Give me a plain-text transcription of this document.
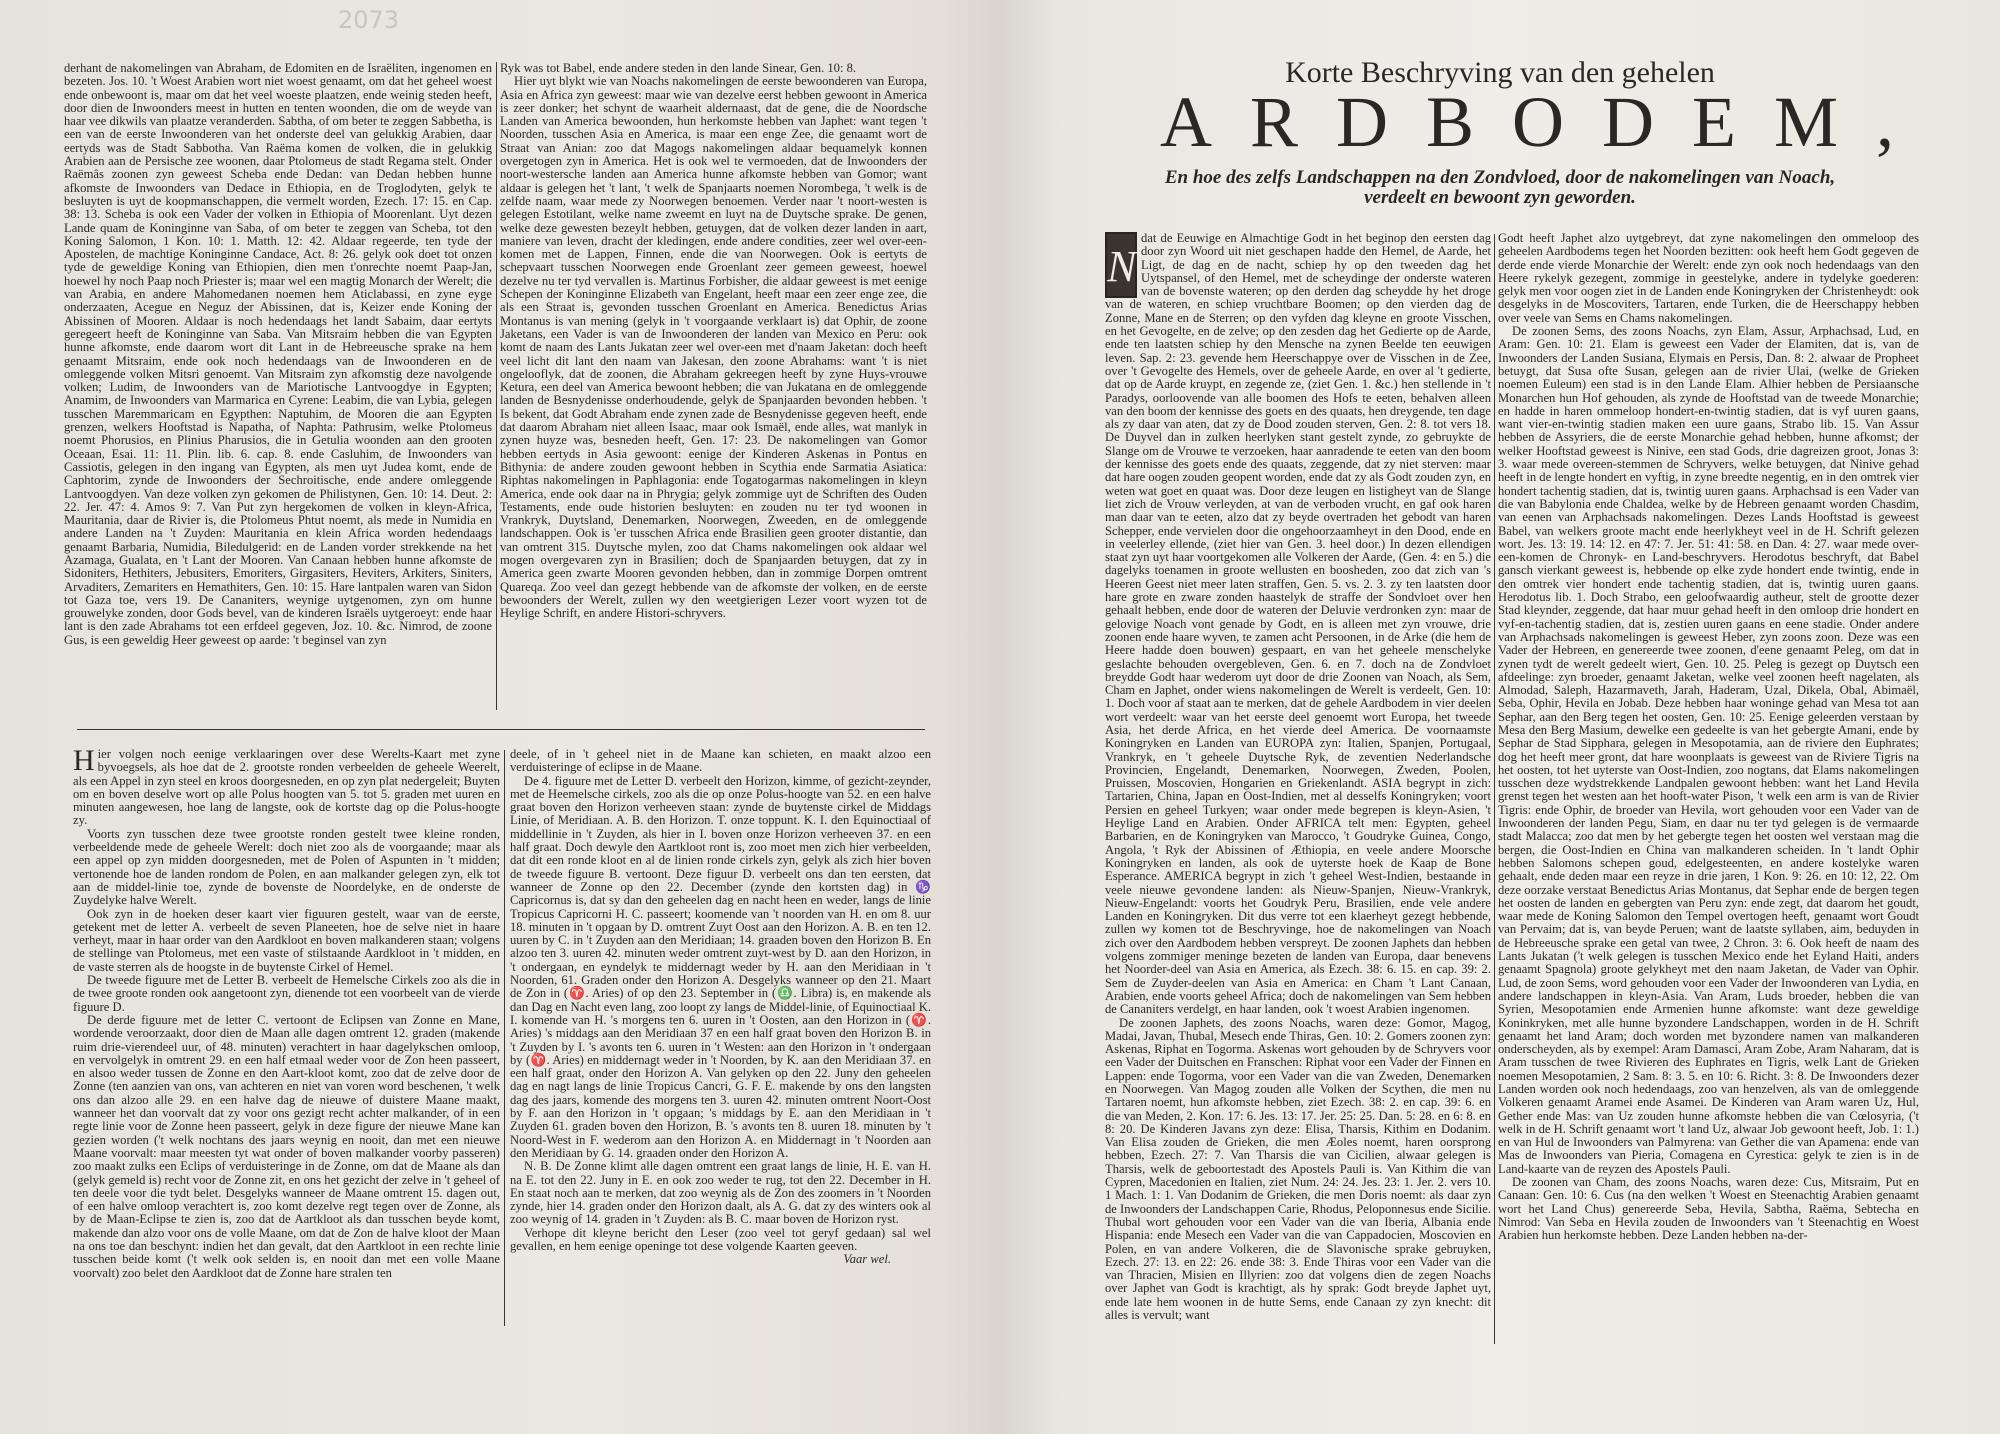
2073

derhant de nakomelingen van Abraham, de Edomiten en de Israëliten, ingenomen en bezeten. Jos. 10. 't Woest Arabien wort niet woest genaamt, om dat het geheel woest ende onbewoont is, maar om dat het veel woeste plaatzen, ende weinig steden heeft, door dien de Inwoonders meest in hutten en tenten woonden, die om de weyde van haar vee dikwils van plaatze veranderden. Sabtha, of om beter te zeggen Sabbetha, is een van de eerste Inwoonderen van het onderste deel van gelukkig Arabien, daar eertyds was de Stadt Sabbotha. Van Raëma komen de volken, die in gelukkig Arabien aan de Persische zee woonen, daar Ptolomeus de stadt Regama stelt. Onder Raëmâs zoonen zyn geweest Scheba ende Dedan: van Dedan hebben hunne afkomste de Inwoonders van Dedace in Ethiopia, en de Troglodyten, gelyk te besluyten is uyt de koopmanschappen, die vermelt worden, Ezech. 17: 15. en Cap. 38: 13. Scheba is ook een Vader der volken in Ethiopia of Moorenlant. Uyt dezen Lande quam de Koninginne van Saba, of om beter te zeggen van Scheba, tot den Koning Salomon, 1 Kon. 10: 1. Matth. 12: 42. Aldaar regeerde, ten tyde der Apostelen, de machtige Koninginne Candace, Act. 8: 26. gelyk ook doet tot onzen tyde de geweldige Koning van Ethiopien, dien men t'onrechte noemt Paap-Jan, hoewel hy noch Paap noch Priester is; maar wel een magtig Monarch der Werelt; die van Arabia, en andere Mahomedanen noemen hem Aticlabassi, en zyne eyge onderzaaten, Acegue en Neguz der Abissinen, dat is, Keizer ende Koning der Abissinen of Mooren. Aldaar is noch hedendaags het landt Sabaim, daar eertyts geregeert heeft de Koninginne van Saba. Van Mitsraim hebben die van Egypten hunne afkomste, ende daarom wort dit Lant in de Hebreeusche sprake na hem genaamt Mitsraim, ende ook noch hedendaags van de Inwoonderen en de omleggende volken Mitsri genoemt. Van Mitsraim zyn afkomstig deze navolgende volken; Ludim, de Inwoonders van de Mariotische Lantvoogdye in Egypten; Anamim, de Inwoonders van Marmarica en Cyrene: Leabim, die van Lybia, gelegen tusschen Maremmaricam en Egypthen: Naptuhim, de Mooren die aan Egypten grenzen, welkers Hooftstad is Napatha, of Naphta: Pathrusim, welke Ptolomeus noemt Phorusios, en Plinius Pharusios, die in Getulia woonden aan den grooten Oceaan, Esai. 11: 11. Plin. lib. 6. cap. 8. ende Casluhim, de Inwoonders van Cassiotis, gelegen in den ingang van Egypten, als men uyt Judea komt, ende de Caphtorim, zynde de Inwoonders der Sechroitische, ende andere omleggende Lantvoogdyen. Van deze volken zyn gekomen de Philistynen, Gen. 10: 14. Deut. 2: 22. Jer. 47: 4. Amos 9: 7. Van Put zyn hergekomen de volken in kleyn-Africa, Mauritania, daar de Rivier is, die Ptolomeus Phtut noemt, als mede in Numidia en andere Landen na 't Zuyden: Mauritania en klein Africa worden hedendaags genaamt Barbaria, Numidia, Biledulgerid: en de Landen vorder strekkende na het Azamaga, Gualata, en 't Lant der Mooren. Van Canaan hebben hunne afkomste de Sidoniters, Hethiters, Jebusiters, Emoriters, Girgasiters, Heviters, Arkiters, Siniters, Arvaditers, Zemariters en Hemathiters, Gen. 10: 15. Hare lantpalen waren van Sidon tot Gaza toe, vers 19. De Cananiters, weynige uytgenomen, zyn om hunne grouwelyke zonden, door Gods bevel, van de kinderen Israëls uytgeroeyt: ende haar lant is den zade Abrahams tot een erfdeel gegeven, Joz. 10. &c. Nimrod, de zoone Gus, is een geweldig Heer geweest op aarde: 't beginsel van zyn

Ryk was tot Babel, ende andere steden in den lande Sinear, Gen. 10: 8.

Hier uyt blykt wie van Noachs nakomelingen de eerste bewoonderen van Europa, Asia en Africa zyn geweest: maar wie van dezelve eerst hebben gewoont in America is zeer donker; het schynt de waarheit aldernaast, dat de gene, die de Noordsche Landen van America bewoonden, hun herkomste hebben van Japhet: want tegen 't Noorden, tusschen Asia en America, is maar een enge Zee, die genaamt wort de Straat van Anian: zoo dat Magogs nakomelingen aldaar bequamelyk konnen overgetogen zyn in America. Het is ook wel te vermoeden, dat de Inwoonders der noort-westersche landen aan America hunne afkomste hebben van Gomor; want aldaar is gelegen het 't lant, 't welk de Spanjaarts noemen Norombega, 't welk is de zelfde naam, waar mede zy Noorwegen benoemen. Verder naar 't noort-westen is gelegen Estotilant, welke name zweemt en luyt na de Duytsche sprake. De genen, welke deze gewesten bezeylt hebben, getuygen, dat de volken dezer landen in aart, maniere van leven, dracht der kledingen, ende andere condities, zeer wel over-een-komen met de Lappen, Finnen, ende die van Noorwegen. Ook is eertyts de schepvaart tusschen Noorwegen ende Groenlant zeer gemeen geweest, hoewel dezelve nu ter tyd vervallen is. Martinus Forbisher, die aldaar geweest is met eenige Schepen der Koninginne Elizabeth van Engelant, heeft maar een zeer enge zee, die als een Straat is, gevonden tusschen Groenlant en America. Benedictus Arias Montanus is van mening (gelyk in 't voorgaande verklaart is) dat Ophir, de zoone Jaketans, een Vader is van de Inwoonderen der landen van Mexico en Peru: ook komt de naam des Lants Jukatan zeer wel over-een met d'naam Jaketan: doch heeft veel licht dit lant den naam van Jakesan, den zoone Abrahams: want 't is niet ongelooflyk, dat de zoonen, die Abraham gekreegen heeft by zyne Huys-vrouwe Ketura, een deel van America bewoont hebben; die van Jukatana en de omleggende landen de Besnydenisse onderhoudende, gelyk de Spanjaarden bevonden hebben. 't Is bekent, dat Godt Abraham ende zynen zade de Besnydenisse gegeven heeft, ende dat daarom Abraham niet alleen Isaac, maar ook Ismaël, ende alles, wat manlyk in zynen huyze was, besneden heeft, Gen. 17: 23. De nakomelingen van Gomor hebben eertyds in Asia gewoont: eenige der Kinderen Askenas in Pontus en Bithynia: de andere zouden gewoont hebben in Scythia ende Sarmatia Asiatica: Riphtas nakomelingen in Paphlagonia: ende Togatogarmas nakomelingen in kleyn America, ende ook daar na in Phrygia; gelyk zommige uyt de Schriften des Ouden Testaments, ende oude historien besluyten: en zouden nu ter tyd woonen in Vrankryk, Duytsland, Denemarken, Noorwegen, Zweeden, en de omleggende landschappen. Ook is 'er tusschen Africa ende Brasilien geen grooter distantie, dan van omtrent 315. Duytsche mylen, zoo dat Chams nakomelingen ook aldaar wel mogen overgevaren zyn in Brasilien; doch de Spanjaarden betuygen, dat zy in America geen zwarte Mooren gevonden hebben, dan in zommige Dorpen omtrent Quareqa. Zoo veel dan gezegt hebbende van de afkomste der volken, en de eerste bewoonders der Werelt, zullen wy den weetgierigen Lezer voort wyzen tot de Heylige Schrift, en andere Histori-schryvers.

Hier volgen noch eenige verklaaringen over dese Werelts-Kaart met zyne byvoegsels, als hoe dat de 2. grootste ronden verbeelden de geheele Weerelt, als een Appel in zyn steel en kroos doorgesneden, en op zyn plat nedergeleit; Buyten om en boven deselve wort op alle Polus hoogten van 5. tot 5. graden met uuren en minuten aangewesen, hoe lang de langste, ook de kortste dag op die Polus-hoogte zy.

Voorts zyn tusschen deze twee grootste ronden gestelt twee kleine ronden, verbeeldende mede de geheele Werelt: doch niet zoo als de voorgaande; maar als een appel op zyn midden doorgesneden, met de Polen of Aspunten in 't midden; vertonende hoe de landen rondom de Polen, en aan malkander gelegen zyn, elk tot aan de middel-linie toe, zynde de bovenste de Noordelyke, en de onderste de Zuydelyke halve Werelt.

Ook zyn in de hoeken deser kaart vier figuuren gestelt, waar van de eerste, getekent met de letter A. verbeelt de seven Planeeten, hoe de selve niet in haare verheyt, maar in haar order van den Aardkloot en boven malkanderen staan; volgens de stellinge van Ptolomeus, met een vaste of stilstaande Aardkloot in 't midden, en de vaste sterren als de hoogste in de buytenste Cirkel of Hemel.

De tweede figuure met de Letter B. verbeelt de Hemelsche Cirkels zoo als die in de twee groote ronden ook aangetoont zyn, dienende tot een voorbeelt van de vierde figuure D.

De derde figuure met de letter C. vertoont de Eclipsen van Zonne en Mane, wordende veroorzaakt, door dien de Maan alle dagen omtrent 12. graden (makende ruim drie-vierendeel uur, of 48. minuten) verachtert in haar dagelykschen omloop, en vervolgelyk in omtrent 29. en een half etmaal weder voor de Zon heen passeert, en alsoo weder tussen de Zonne en den Aart-kloot komt, zoo dat de zelve door de Zonne (ten aanzien van ons, van achteren en niet van voren word beschenen, 't welk ons dan alzoo alle 29. en een halve dag de nieuwe of duistere Maane maakt, wanneer het dan voorvalt dat zy voor ons gezigt recht achter malkander, of in een regte linie voor de Zonne heen passeert, gelyk in deze figure der nieuwe Mane kan gezien worden ('t welk nochtans des jaars weynig en nooit, dan met een nieuwe Maane voorvalt: maar meesten tyt wat onder of boven malkander voorby passeren) zoo maakt zulks een Eclips of verduisteringe in de Zonne, om dat de Maane als dan (gelyk gemeld is) recht voor de Zonne zit, en ons het gezicht der zelve in 't geheel of ten deele voor die tydt belet. Desgelyks wanneer de Maane omtrent 15. dagen out, of een halve omloop verachtert is, zoo komt dezelve regt tegen over de Zonne, als by de Maan-Eclipse te zien is, zoo dat de Aartkloot als dan tusschen beyde komt, makende dan alzo voor ons de volle Maane, om dat de Zon de halve kloot der Maan na ons toe dan beschynt: indien het dan gevalt, dat den Aartkloot in een rechte linie tusschen beide komt ('t welk ook selden is, en nooit dan met een volle Maane voorvalt) zoo belet den Aardkloot dat de Zonne hare stralen ten

deele, of in 't geheel niet in de Maane kan schieten, en maakt alzoo een verduisteringe of eclipse in de Maane.

De 4. figuure met de Letter D. verbeelt den Horizon, kimme, of gezicht-zeynder, met de Heemelsche cirkels, zoo als die op onze Polus-hoogte van 52. en een halve graat boven den Horizon verheeven staan: zynde de buytenste cirkel de Middags Linie, of Meridiaan. A. B. den Horizon. T. onze toppunt. K. I. den Equinoctiaal of middellinie in 't Zuyden, als hier in I. boven onze Horizon verheeven 37. en een half graat. Doch dewyle den Aartkloot ront is, zoo moet men zich hier verbeelden, dat dit een ronde kloot en al de linien ronde cirkels zyn, gelyk als zich hier boven de tweede figuure B. vertoont. Deze figuur D. verbeelt ons dan ten eersten, dat wanneer de Zonne op den 22. December (zynde den kortsten dag) in ♑ Capricornus is, dat sy dan den geheelen dag en nacht heen en weder, langs de linie Tropicus Capricorni H. C. passeert; koomende van 't noorden van H. en om 8. uur 18. minuten in 't opgaan by D. omtrent Zuyt Oost aan den Horizon. A. B. en ten 12. uuren by C. in 't Zuyden aan den Meridiaan; 14. graaden boven den Horizon B. En alzoo ten 3. uuren 42. minuten weder omtrent zuyt-west by D. aan den Horizon, in 't ondergaan, en eyndelyk te middernagt weder by H. aan den Meridiaan in 't Noorden, 61. Graden onder den Horizon A. Desgelyks wanneer op den 21. Maart de Zon in (♈. Aries) of op den 23. September in (♎. Libra) is, en makende als dan Dag en Nacht even lang, zoo loopt zy langs de Middel-linie, of Equinoctiaal K. I. komende van H. 's morgens ten 6. uuren in 't Oosten, aan den Horizon in (♈. Aries) 's middags aan den Meridiaan 37 en een half graat boven den Horizon B. in 't Zuyden by I. 's avonts ten 6. uuren in 't Westen: aan den Horizon in 't ondergaan by (♈. Aries) en middernagt weder in 't Noorden, by K. aan den Meridiaan 37. en een half graat, onder den Horizon A. Van gelyken op den 22. Juny den geheelen dag en nagt langs de linie Tropicus Cancri, G. F. E. makende by ons den langsten dag des jaars, komende des morgens ten 3. uuren 42. minuten omtrent Noort-Oost by F. aan den Horizon in 't opgaan; 's middags by E. aan den Meridiaan in 't Zuyden 61. graden boven den Horizon, B. 's avonts ten 8. uuren 18. minuten by 't Noord-West in F. wederom aan den Horizon A. en Middernagt in 't Noorden aan den Meridiaan by G. 14. graaden onder den Horizon A.

N. B. De Zonne klimt alle dagen omtrent een graat langs de linie, H. E. van H. na E. tot den 22. Juny in E. en ook zoo weder te rug, tot den 22. December in H. En staat noch aan te merken, dat zoo weynig als de Zon des zoomers in 't Noorden zynde, hier 14. graden onder den Horizon daalt, als A. G. dat zy des winters ook al zoo weynig of 14. graden in 't Zuyden: als B. C. maar boven de Horizon ryst.

Verhope dit kleyne bericht den Leser (zoo veel tot geryf gedaan) sal wel gevallen, en hem eenige openinge tot dese volgende Kaarten geeven.

Vaar wel.

Korte Beschryving van den gehelen
ARDBODEM,
En hoe des zelfs Landschappen na den Zondvloed, door de nakomelingen van Noach,
verdeelt en bewoont zyn geworden.

N
dat de Eeuwige en Almachtige Godt in het beginop den eersten dag door zyn Woord uit niet geschapen hadde den Hemel, de Aarde, het Ligt, de dag en de nacht, schiep hy op den tweeden dag het Uytspansel, of den Hemel, met de scheydinge der onderste wateren van de bovenste wateren; op den derden dag scheydde hy het droge van de wateren, en schiep vruchtbare Boomen; op den vierden dag de Zonne, Mane en de Sterren; op den vyfden dag kleyne en groote Visschen, en het Gevogelte, en de zelve; op den zesden dag het Gedierte op de Aarde, ende ten laatsten schiep hy den Mensche na zynen Beelde ten eeuwigen leven. Sap. 2: 23. gevende hem Heerschappye over de Visschen in de Zee, over 't Gevogelte des Hemels, over de geheele Aarde, en over al 't gedierte, dat op de Aarde kruypt, en zegende ze, (ziet Gen. 1. &c.) hen stellende in 't Paradys, oorloovende van alle boomen des Hofs te eeten, behalven alleen van den boom der kennisse des goets en des quaats, hen dreygende, ten dage als zy daar van aten, dat zy de Dood zouden sterven, Gen. 2: 8. tot vers 18. De Duyvel dan in zulken heerlyken stant gestelt zynde, zo gebruykte de Slange om de Vrouwe te verzoeken, haar aanradende te eeten van den boom der kennisse des goets ende des quaats, zeggende, dat zy niet sterven: maar dat hare oogen zouden geopent worden, ende dat zy als Godt zouden zyn, en weten wat goet en quaat was. Door deze leugen en listigheyt van de Slange liet zich de Vrouw verleyden, at van de verboden vrucht, en gaf ook haren man daar van te eeten, alzo dat zy beyde overtraden het gebodt van haren Schepper, ende vervielen door die ongehoorzaamheyt in den Dood, ende en in veelerley ellende, (ziet hier van Gen. 3. heel door.) In dezen ellendigen staat zyn uyt haar voortgekomen alle Volkeren der Aarde, (Gen. 4: en 5.) die dagelyks toenamen in groote wellusten en boosheden, zoo dat zich van 's Heeren Geest niet meer laten straffen, Gen. 5. vs. 2. 3. zy ten laatsten door hare grote en zware zonden haastelyk de straffe der Sondvloet over hen gehaalt hebben, ende door de wateren der Deluvie verdronken zyn: maar de gelovige Noach vont genade by Godt, en is alleen met zyn vrouwe, drie zoonen ende haare wyven, te zamen acht Persoonen, in de Arke (die hem de Heere hadde doen bouwen) gespaart, en van het geheele menschelyke geslachte behouden overgebleven, Gen. 6. en 7. doch na de Zondvloet breydde Godt haar wederom uyt door de drie Zoonen van Noach, als Sem, Cham en Japhet, onder wiens nakomelingen de Werelt is verdeelt, Gen. 10: 1. Doch voor af staat aan te merken, dat de gehele Aardbodem in vier deelen wort verdeelt: waar van het eerste deel genoemt wort Europa, het tweede Asia, het derde Africa, en het vierde deel America. De voornaamste Koningryken en Landen van EUROPA zyn: Italien, Spanjen, Portugaal, Vrankryk, en 't geheele Duytsche Ryk, de zeventien Nederlandsche Provincien, Engelandt, Denemarken, Noorwegen, Zweden, Poolen, Pruissen, Moscovien, Hongarien en Griekenlandt. ASIA begrypt in zich: Tartarien, China, Japan en Oost-Indien, met al desselfs Koningryken; voort Persien en geheel Turkyen; waar onder mede begrepen is kleyn-Asien, 't Heylige Land en Arabien. Onder AFRICA telt men: Egypten, geheel Barbarien, en de Koningryken van Marocco, 't Goudryke Guinea, Congo, Angola, 't Ryk der Abissinen of Æthiopia, en veele andere Moorsche Koningryken en landen, als ook de uyterste hoek de Kaap de Bone Esperance. AMERICA begrypt in zich 't geheel West-Indien, bestaande in veele nieuwe gevondene landen: als Nieuw-Spanjen, Nieuw-Vrankryk, Nieuw-Engelandt: voorts het Goudryk Peru, Brasilien, ende vele andere Landen en Koningryken. Dit dus verre tot een klaerheyt gezegt hebbende, zullen wy komen tot de Beschryvinge, hoe de nakomelingen van Noach zich over den Aardbodem hebben verspreyt. De zoonen Japhets dan hebben volgens zommiger meninge bezeten de landen van Europa, daar benevens het Noorder-deel van Asia en America, als Ezech. 38: 6. 15. en cap. 39: 2. Sem de Zuyder-deelen van Asia en America: en Cham 't Lant Canaan, Arabien, ende voorts geheel Africa; doch de nakomelingen van Sem hebben de Cananiters verdelgt, en haar landen, ook 't woest Arabien ingenomen.

De zoonen Japhets, des zoons Noachs, waren deze: Gomor, Magog, Madai, Javan, Thubal, Mesech ende Thiras, Gen. 10: 2. Gomers zoonen zyn: Askenas, Riphat en Togorma. Askenas wort gehouden by de Schryvers voor een Vader der Duitschen en Franschen: Riphat voor een Vader der Finnen en Lappen: ende Togorma, voor een Vader van die van Zweden, Denemarken en Noorwegen. Van Magog zouden alle Volken der Scythen, die men nu Tartaren noemt, hun afkomste hebben, ziet Ezech. 38: 2. en cap. 39: 6. en die van Meden, 2. Kon. 17: 6. Jes. 13: 17. Jer. 25: 25. Dan. 5: 28. en 6: 8. en 8: 20. De Kinderen Javans zyn deze: Elisa, Tharsis, Kithim en Dodanim. Van Elisa zouden de Grieken, die men Æoles noemt, haren oorsprong hebben, Ezech. 27: 7. Van Tharsis die van Cicilien, alwaar gelegen is Tharsis, welk de geboortestadt des Apostels Pauli is. Van Kithim die van Cypren, Macedonien en Italien, ziet Num. 24: 24. Jes. 23: 1. Jer. 2. vers 10. 1 Mach. 1: 1. Van Dodanim de Grieken, die men Doris noemt: als daar zyn de Inwoonders der Landschappen Carie, Rhodus, Peloponnesus ende Sicilie. Thubal wort gehouden voor een Vader van die van Iberia, Albania ende Hispania: ende Mesech een Vader van die van Cappadocien, Moscovien en Polen, en van andere Volkeren, die de Slavonische sprake gebruyken, Ezech. 27: 13. en 22: 26. ende 38: 3. Ende Thiras voor een Vader van die van Thracien, Misien en Illyrien: zoo dat volgens dien de zegen Noachs over Japhet van Godt is krachtigt, als hy sprak: Godt breyde Japhet uyt, ende late hem woonen in de hutte Sems, ende Canaan zy zyn knecht: dit alles is vervult; want

Godt heeft Japhet alzo uytgebreyt, dat zyne nakomelingen den ommeloop des geheelen Aardbodems tegen het Noorden bezitten: ook heeft hem Godt gegeven de derde ende vierde Monarchie der Werelt: ende zyn ook noch hedendaags van den Heere rykelyk gezegent, zommige in geestelyke, andere in tydelyke goederen: gelyk men voor oogen ziet in de Landen ende Koningryken der Christenheydt: ook desgelyks in de Moscoviters, Tartaren, ende Turken, die de Heerschappy hebben over veele van Sems en Chams nakomelingen.

De zoonen Sems, des zoons Noachs, zyn Elam, Assur, Arphachsad, Lud, en Aram: Gen. 10: 21. Elam is geweest een Vader der Elamiten, dat is, van de Inwoonders der Landen Susiana, Elymais en Persis, Dan. 8: 2. alwaar de Propheet betuygt, dat Susa ofte Susan, gelegen aan de rivier Ulai, (welke de Grieken noemen Euleum) een stad is in den Lande Elam. Alhier hebben de Persiaansche Monarchen hun Hof gehouden, als zynde de Hooftstad van de tweede Monarchie; en hadde in haren ommeloop hondert-en-twintig stadien, dat is vyf uuren gaans, want vier-en-twintig stadien maken een uure gaans, Strabo lib. 15. Van Assur hebben de Assyriers, die de eerste Monarchie gehad hebben, hunne afkomst; der welker Hooftstad geweest is Ninive, een stad Gods, drie dagreizen groot, Jonas 3: 3. waar mede overeen-stemmen de Schryvers, welke betuygen, dat Ninive gehad heeft in de lengte hondert en vyftig, in zyne breedte negentig, en in den omtrek vier hondert tachentig stadien, dat is, twintig uuren gaans. Arphachsad is een Vader van die van Babylonia ende Chaldea, welke by de Hebreen genaamt worden Chasdim, van eenen van Arphachsads nakomelingen. Dezes Lands Hooftstad is geweest Babel, van welkers groote macht ende heerlykheyt veel in de H. Schrift gelezen wort. Jes. 13: 19. 14: 12. en 47: 7. Jer. 51: 41: 58. en Dan. 4: 27. waar mede over-een-komen de Chronyk- en Land-beschryvers. Herodotus beschryft, dat Babel gansch vierkant geweest is, hebbende op elke zyde hondert ende twintig, ende in den omtrek vier hondert ende tachentig stadien, dat is, twintig uuren gaans. Herodotus lib. 1. Doch Strabo, een geloofwaardig autheur, stelt de grootte dezer Stad kleynder, zeggende, dat haar muur gehad heeft in den omloop drie hondert en vyf-en-tachentig stadien, dat is, zestien uuren gaans en eene stadie. Onder andere van Arphachsads nakomelingen is geweest Heber, zyn zoons zoon. Deze was een Vader der Hebreen, en genereerde twee zoonen, d'eene genaamt Peleg, om dat in zynen tydt de werelt gedeelt wiert, Gen. 10. 25. Peleg is gezegt op Duytsch een afdeelinge: zyn broeder, genaamt Jaketan, welke veel zoonen heeft nagelaten, als Almodad, Saleph, Hazarmaveth, Jarah, Haderam, Uzal, Dikela, Obal, Abimaël, Seba, Ophir, Hevila en Jobab. Deze hebben haar woninge gehad van Mesa tot aan Sephar, aan den Berg tegen het oosten, Gen. 10: 25. Eenige geleerden verstaan by Mesa den Berg Masium, dewelke een gedeelte is van het gebergte Amani, ende by Sephar de Stad Sipphara, gelegen in Mesopotamia, aan de riviere den Euphrates; dog het heeft meer gront, dat hare woonplaats is geweest van de Riviere Tigris na het oosten, tot het uyterste van Oost-Indien, zoo nogtans, dat Elams nakomelingen tusschen deze wydstrekkende Landpalen gewoont hebben: want het Land Hevila grenst tegen het westen aan het hooft-water Pison, 't welk een arm is van de Rivier Tigris: ende Ophir, de broeder van Hevila, wort gehouden voor een Vader van de Inwoonderen der landen Pegu, Siam, en daar nu ter tyd gelegen is de vermaarde stadt Malacca; zoo dat men by het gebergte tegen het oosten wel verstaan mag die bergen, die Oost-Indien en China van malkanderen scheiden. In 't landt Ophir hebben Salomons schepen goud, edelgesteenten, en andere kostelyke waren gehaalt, ende deden maar een reyze in drie jaren, 1 Kon. 9: 26. en 10: 12, 22. Om deze oorzake verstaat Benedictus Arias Montanus, dat Sephar ende de bergen tegen het oosten de landen en gebergten van Peru zyn: ende zegt, dat daarom het goudt, waar mede de Koning Salomon den Tempel overtogen heeft, genaamt wort Goudt van Pervaim; dat is, van beyde Peruen; want de laatste syllaben, aim, beduyden in de Hebreeusche sprake een getal van twee, 2 Chron. 3: 6. Ook heeft de naam des Lants Jukatan ('t welk gelegen is tusschen Mexico ende het Eyland Haiti, anders genaamt Spagnola) groote gelykheyt met den naam Jaketan, de Vader van Ophir. Lud, de zoon Sems, word gehouden voor een Vader der Inwoonderen van Lydia, en andere landschappen in kleyn-Asia. Van Aram, Luds broeder, hebben die van Syrien, Mesopotamien ende Armenien hunne afkomste: want deze geweldige Koninkryken, met alle hunne byzondere Landschappen, worden in de H. Schrift genaamt het land Aram; doch worden met byzondere namen van malkanderen onderscheyden, als by exempel: Aram Damasci, Aram Zobe, Aram Naharam, dat is Aram tusschen de twee Rivieren des Euphrates en Tigris, welk Lant de Grieken noemen Mesopotamien, 2 Sam. 8: 3. 5. en 10: 6. Richt. 3: 8. De Inwoonders dezer Landen worden ook noch hedendaags, zoo van henzelven, als van de omleggende Volkeren genaamt Aramei ende Asamei. De Kinderen van Aram waren Uz, Hul, Gether ende Mas: van Uz zouden hunne afkomste hebben die van Cœlosyria, ('t welk in de H. Schrift genaamt wort 't land Uz, alwaar Job gewoont heeft, Job. 1: 1.) en van Hul de Inwoonders van Palmyrena: van Gether die van Apamena: ende van Mas de Inwoonders van Pieria, Comagena en Cyrestica: gelyk te zien is in de Land-kaarte van de reyzen des Apostels Pauli.

De zoonen van Cham, des zoons Noachs, waren deze: Cus, Mitsraim, Put en Canaan: Gen. 10: 6. Cus (na den welken 't Woest en Steenachtig Arabien genaamt wort het Land Chus) genereerde Seba, Hevila, Sabtha, Raëma, Sebtecha en Nimrod: Van Seba en Hevila zouden de Inwoonders van 't Steenachtig en Woest Arabien hun herkomste hebben. Deze Landen hebben na-der-
